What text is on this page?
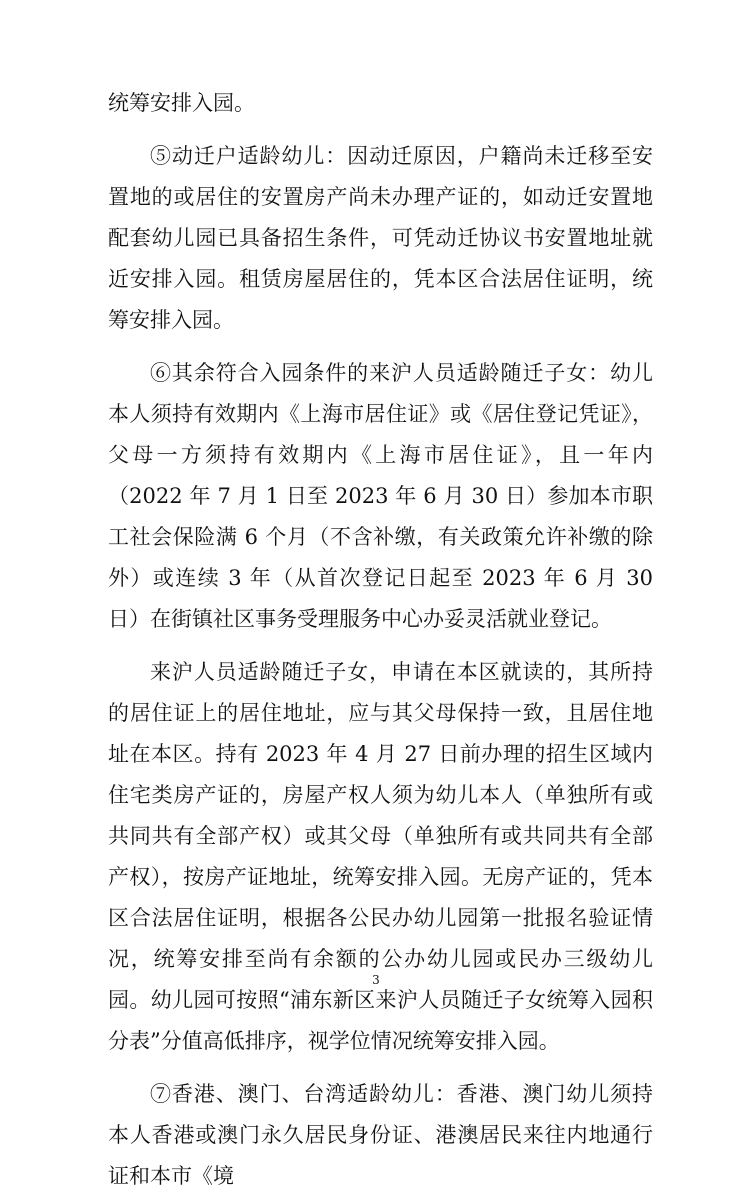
统筹安排入园。

⑤动迁户适龄幼儿：因动迁原因，户籍尚未迁移至安置地的或居住的安置房产尚未办理产证的，如动迁安置地配套幼儿园已具备招生条件，可凭动迁协议书安置地址就近安排入园。租赁房屋居住的，凭本区合法居住证明，统筹安排入园。

⑥其余符合入园条件的来沪人员适龄随迁子女：幼儿本人须持有效期内《上海市居住证》或《居住登记凭证》，父母一方须持有效期内《上海市居住证》，且一年内（2022 年 7 月 1 日至 2023 年 6 月 30 日）参加本市职工社会保险满 6 个月（不含补缴，有关政策允许补缴的除外）或连续 3 年（从首次登记日起至 2023 年 6 月 30 日）在街镇社区事务受理服务中心办妥灵活就业登记。

来沪人员适龄随迁子女，申请在本区就读的，其所持的居住证上的居住地址，应与其父母保持一致，且居住地址在本区。持有 2023 年 4 月 27 日前办理的招生区域内住宅类房产证的，房屋产权人须为幼儿本人（单独所有或共同共有全部产权）或其父母（单独所有或共同共有全部产权），按房产证地址，统筹安排入园。无房产证的，凭本区合法居住证明，根据各公民办幼儿园第一批报名验证情况，统筹安排至尚有余额的公办幼儿园或民办三级幼儿园。幼儿园可按照“浦东新区来沪人员随迁子女统筹入园积分表”分值高低排序，视学位情况统筹安排入园。

⑦香港、澳门、台湾适龄幼儿：香港、澳门幼儿须持本人香港或澳门永久居民身份证、港澳居民来往内地通行证和本市《境

3
